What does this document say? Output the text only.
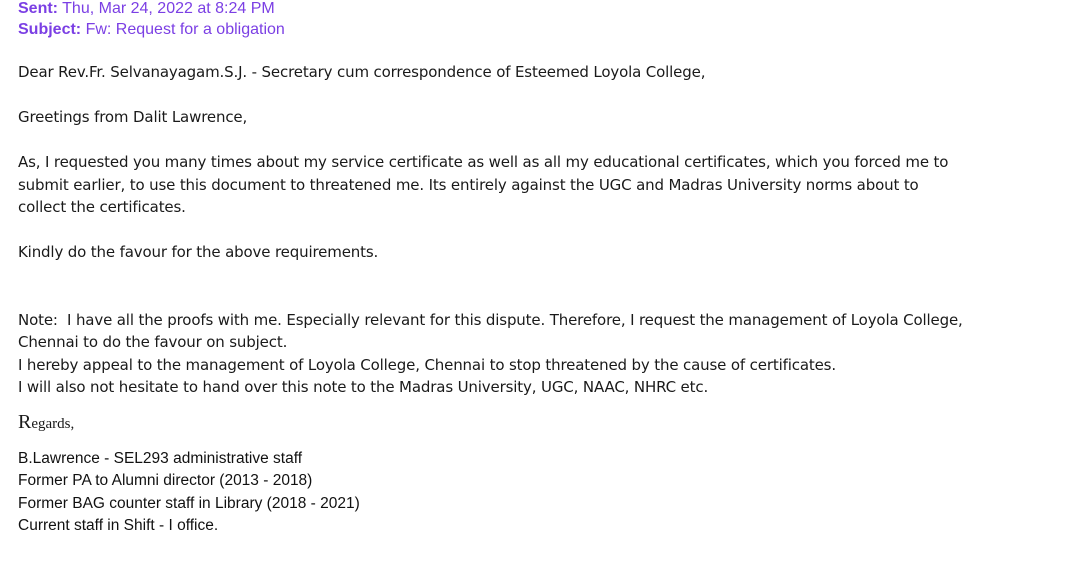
Sent: Thu, Mar 24, 2022 at 8:24 PM
Subject: Fw: Request for a obligation

Dear Rev.Fr. Selvanayagam.S.J. - Secretary cum correspondence of Esteemed Loyola College,

Greetings from Dalit Lawrence,

As, I requested you many times about my service certificate as well as all my educational certificates, which you forced me to

submit earlier, to use this document to threatened me. Its entirely against the UGC and Madras University norms about to

collect the certificates.

Kindly do the favour for the above requirements.

Note:  I have all the proofs with me. Especially relevant for this dispute. Therefore, I request the management of Loyola College,

Chennai to do the favour on subject.

I hereby appeal to the management of Loyola College, Chennai to stop threatened by the cause of certificates.

I will also not hesitate to hand over this note to the Madras University, UGC, NAAC, NHRC etc.

Regards,
B.Lawrence - SEL293 administrative staff
Former PA to Alumni director (2013 - 2018)
Former BAG counter staff in Library (2018 - 2021)
Current staff in Shift - I office.
